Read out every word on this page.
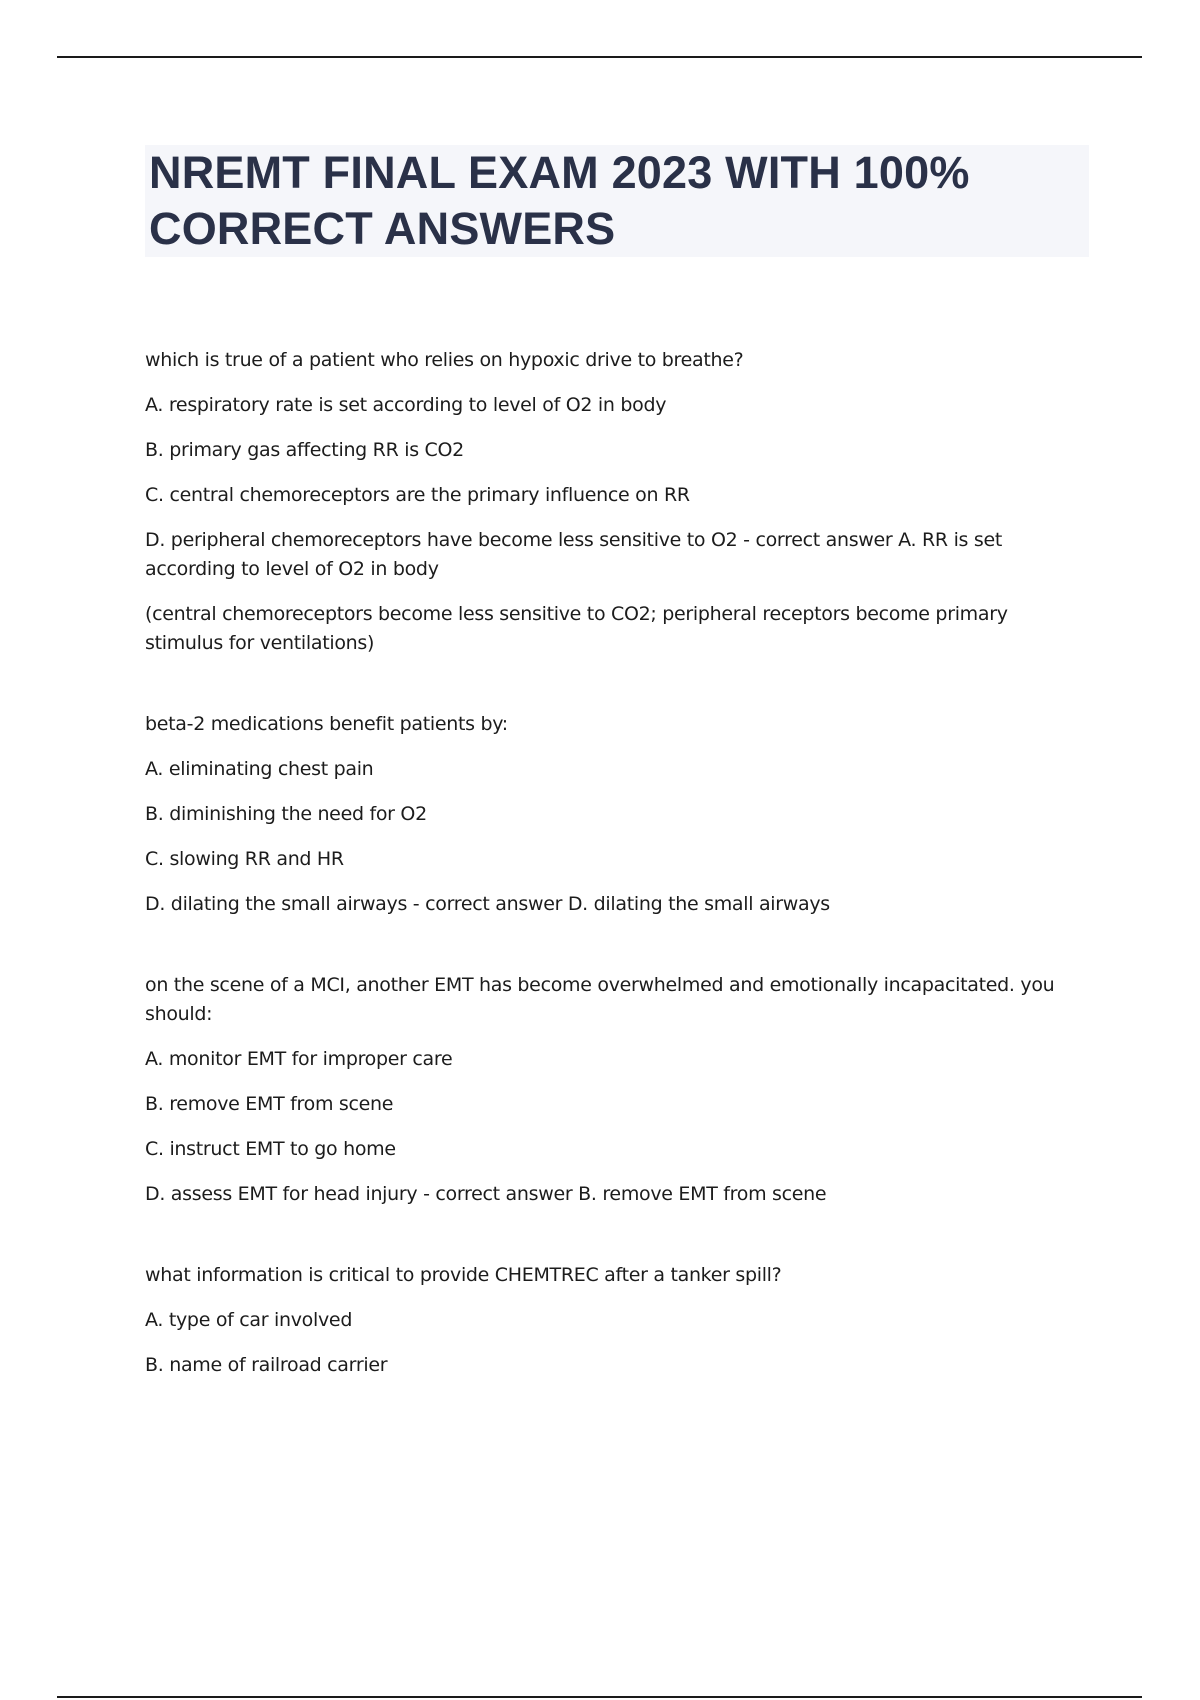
NREMT FINAL EXAM 2023 WITH 100% CORRECT ANSWERS

which is true of a patient who relies on hypoxic drive to breathe?

A. respiratory rate is set according to level of O2 in body

B. primary gas affecting RR is CO2

C. central chemoreceptors are the primary influence on RR

D. peripheral chemoreceptors have become less sensitive to O2 - correct answer A. RR is set according to level of O2 in body

(central chemoreceptors become less sensitive to CO2; peripheral receptors become primary stimulus for ventilations)

beta-2 medications benefit patients by:

A. eliminating chest pain

B. diminishing the need for O2

C. slowing RR and HR

D. dilating the small airways - correct answer D. dilating the small airways

on the scene of a MCI, another EMT has become overwhelmed and emotionally incapacitated. you should:

A. monitor EMT for improper care

B. remove EMT from scene

C. instruct EMT to go home

D. assess EMT for head injury - correct answer B. remove EMT from scene

what information is critical to provide CHEMTREC after a tanker spill?

A. type of car involved

B. name of railroad carrier
